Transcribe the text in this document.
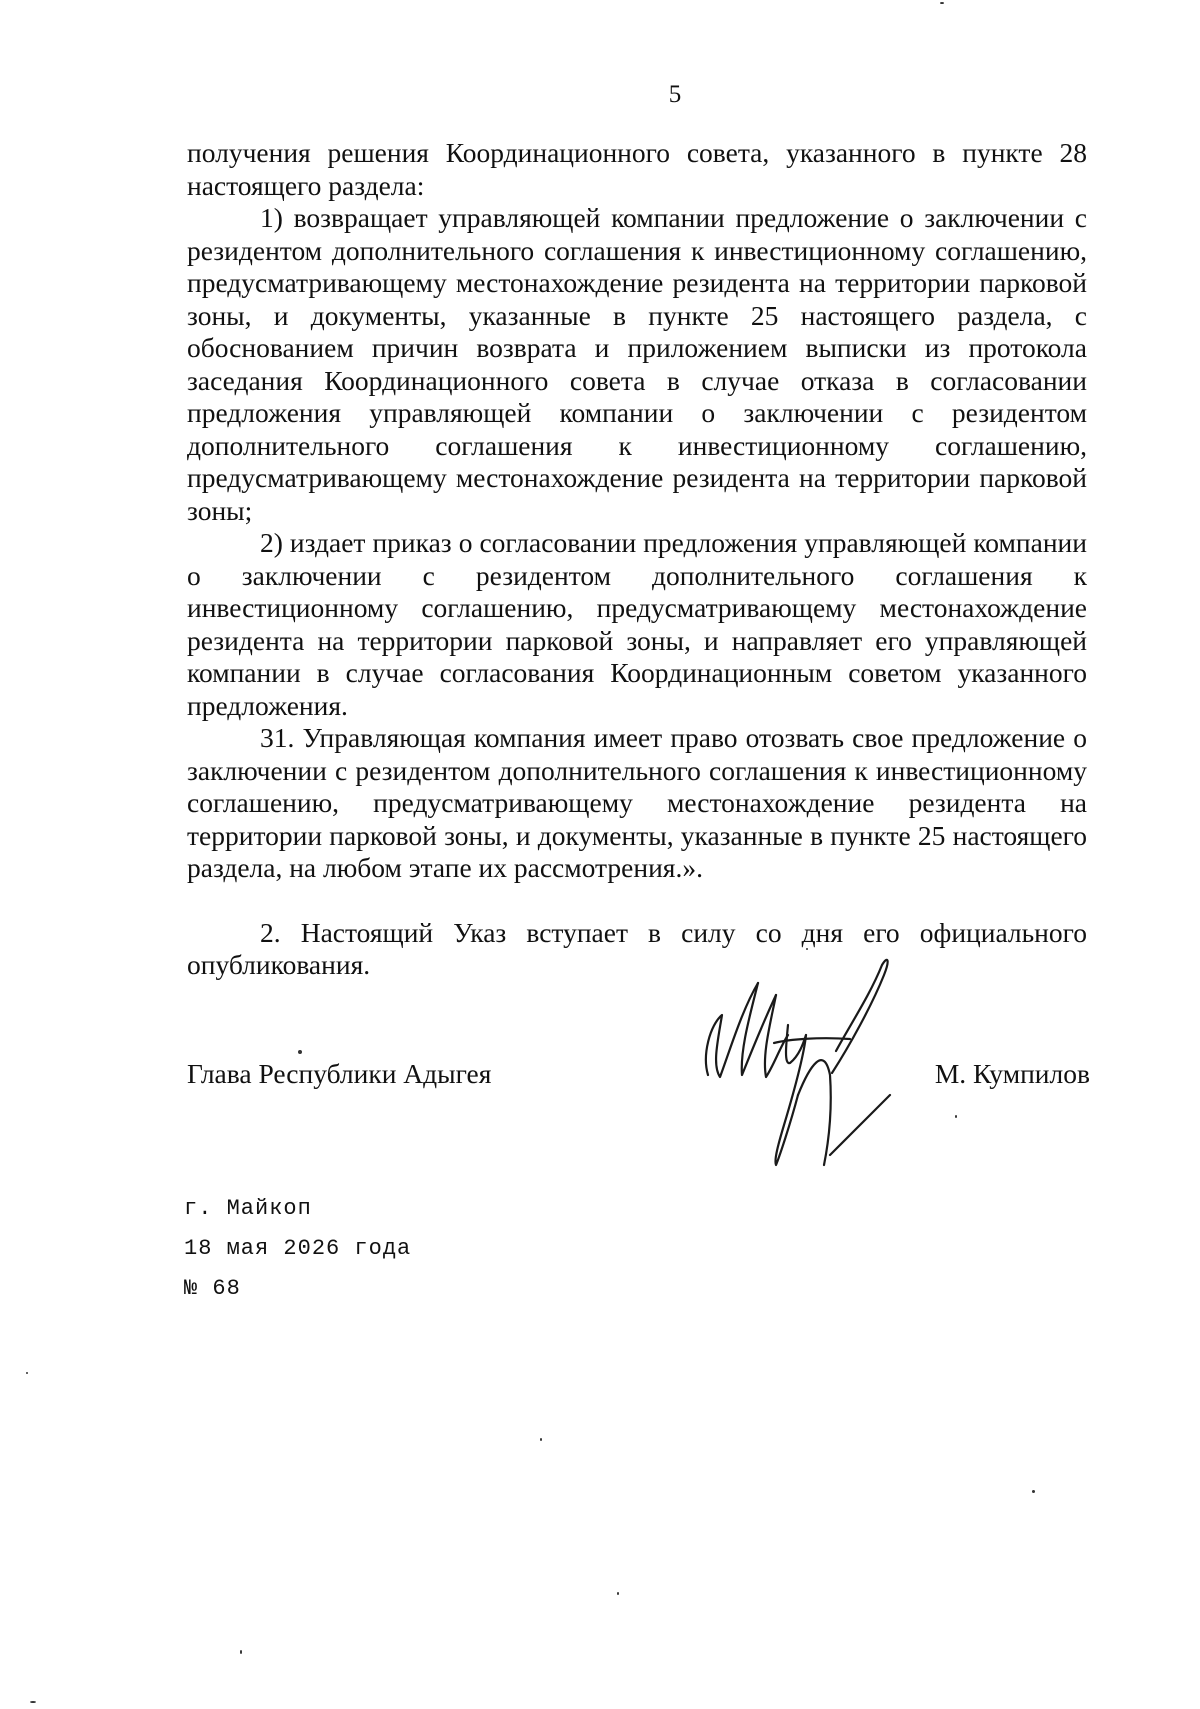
5

получения решения Координационного совета, указанного в пункте 28 настоящего раздела:

1) возвращает управляющей компании предложение о заключении с резидентом дополнительного соглашения к инвестиционному соглашению, предусматривающему местонахождение резидента на территории парковой зоны, и документы, указанные в пункте 25 настоящего раздела, с обоснованием причин возврата и приложением выписки из протокола заседания Координационного совета в случае отказа в согласовании предложения управляющей компании о заключении с резидентом дополнительного соглашения к инвестиционному соглашению, предусматривающему местонахождение резидента на территории парковой зоны;

2) издает приказ о согласовании предложения управляющей компании о заключении с резидентом дополнительного соглашения к инвестиционному соглашению, предусматривающему местонахождение резидента на территории парковой зоны, и направляет его управляющей компании в случае согласования Координационным советом указанного предложения.

31. Управляющая компания имеет право отозвать свое предложение о заключении с резидентом дополнительного соглашения к инвестиционному соглашению, предусматривающему местонахождение резидента на территории парковой зоны, и документы, указанные в пункте 25 настоящего раздела, на любом этапе их рассмотрения.».

2. Настоящий Указ вступает в силу со дня его официального опубликования.

Глава Республики Адыгея	М. Кумпилов
г. Майкоп
18 мая 2026 года
№ 68
